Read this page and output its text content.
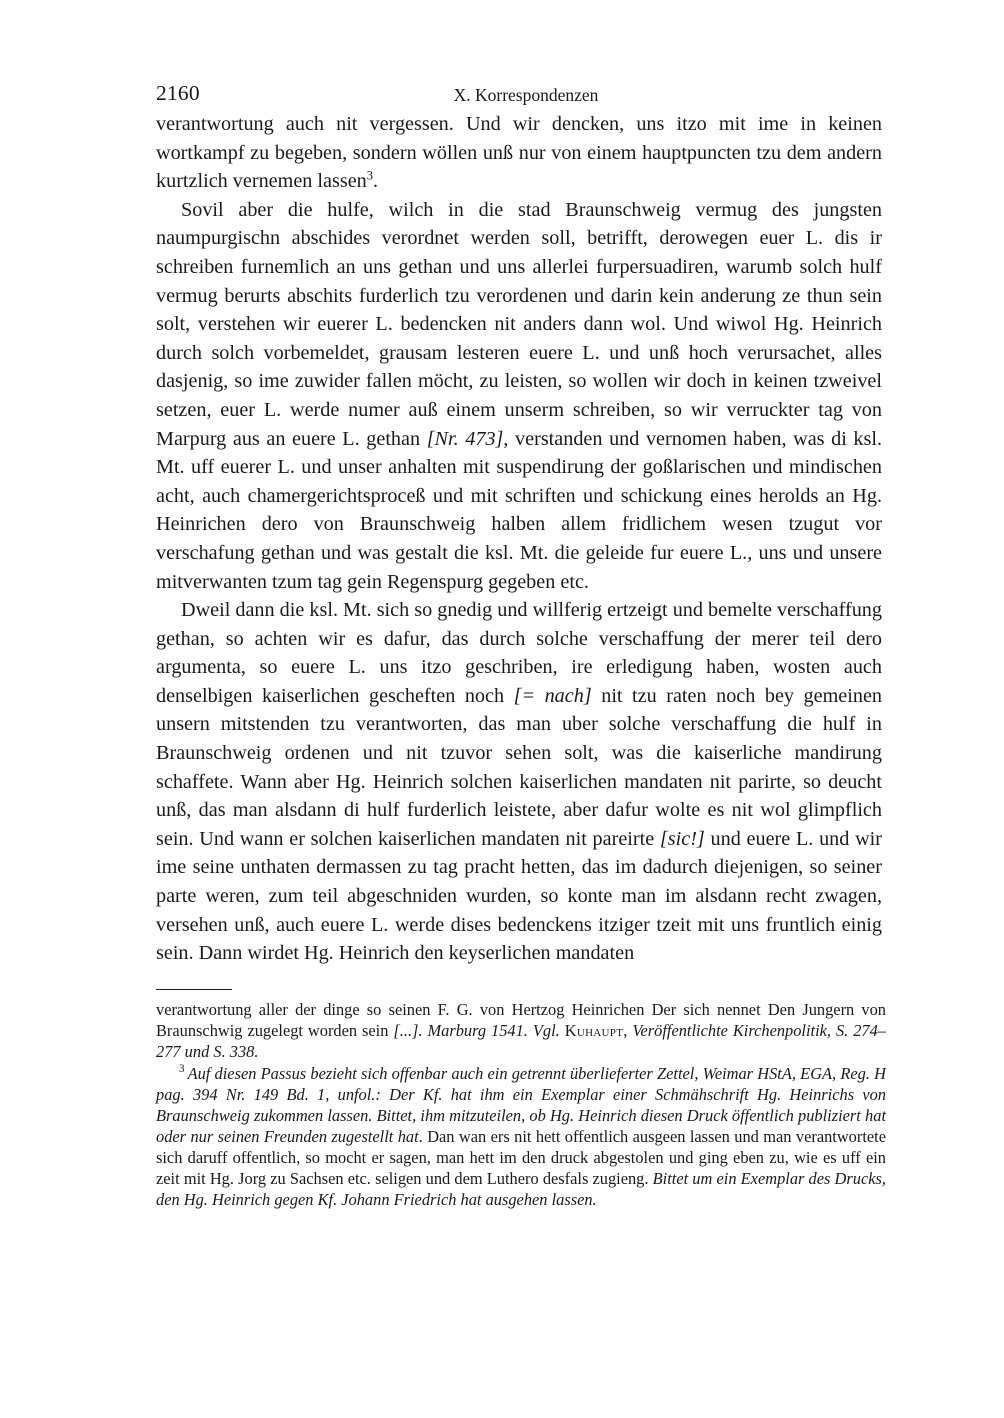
2160	X. Korrespondenzen

verantwortung auch nit vergessen. Und wir dencken, uns itzo mit ime in keinen wortkampf zu begeben, sondern wöllen unß nur von einem hauptpuncten tzu dem andern kurtzlich vernemen lassen$^3$.

Sovil aber die hulfe, wilch in die stad Braunschweig vermug des jungsten naumpurgischn abschides verordnet werden soll, betrifft, derowegen euer L. dis ir schreiben furnemlich an uns gethan und uns allerlei furpersuadiren, warumb solch hulf vermug berurts abschits furderlich tzu verordenen und darin kein anderung ze thun sein solt, verstehen wir euerer L. bedencken nit anders dann wol. Und wiwol Hg. Heinrich durch solch vorbemeldet, grausam lesteren euere L. und unß hoch verursachet, alles dasjenig, so ime zuwider fallen möcht, zu leisten, so wollen wir doch in keinen tzweivel setzen, euer L. werde numer auß einem unserm schreiben, so wir verruckter tag von Marpurg aus an euere L. gethan [Nr. 473], verstanden und vernomen haben, was di ksl. Mt. uff euerer L. und unser anhalten mit suspendirung der goßlarischen und mindischen acht, auch chamergerichtsproceß und mit schriften und schickung eines herolds an Hg. Heinrichen dero von Braunschweig halben allem fridlichem wesen tzugut vor verschafung gethan und was gestalt die ksl. Mt. die geleide fur euere L., uns und unsere mitverwanten tzum tag gein Regenspurg gegeben etc.

Dweil dann die ksl. Mt. sich so gnedig und willferig ertzeigt und bemelte verschaffung gethan, so achten wir es dafur, das durch solche verschaffung der merer teil dero argumenta, so euere L. uns itzo geschriben, ire erledigung haben, wosten auch denselbigen kaiserlichen gescheften noch [= nach] nit tzu raten noch bey gemeinen unsern mitstenden tzu verantworten, das man uber solche verschaffung die hulf in Braunschweig ordenen und nit tzuvor sehen solt, was die kaiserliche mandirung schaffete. Wann aber Hg. Heinrich solchen kaiserlichen mandaten nit parirte, so deucht unß, das man alsdann di hulf furderlich leistete, aber dafur wolte es nit wol glimpflich sein. Und wann er solchen kaiserlichen mandaten nit pareirte [sic!] und euere L. und wir ime seine unthaten dermassen zu tag pracht hetten, das im dadurch diejenigen, so seiner parte weren, zum teil abgeschniden wurden, so konte man im alsdann recht zwagen, versehen unß, auch euere L. werde dises bedenckens itziger tzeit mit uns fruntlich einig sein. Dann wirdet Hg. Heinrich den keyserlichen mandaten

verantwortung aller der dinge so seinen F. G. von Hertzog Heinrichen Der sich nennet Den Jungern von Braunschwig zugelegt worden sein [...]. Marburg 1541. Vgl. Kuhaupt, Veröffentlichte Kirchenpolitik, S. 274–277 und S. 338.

$^3$ Auf diesen Passus bezieht sich offenbar auch ein getrennt überlieferter Zettel, Weimar HStA, EGA, Reg. H pag. 394 Nr. 149 Bd. 1, unfol.: Der Kf. hat ihm ein Exemplar einer Schmähschrift Hg. Heinrichs von Braunschweig zukommen lassen. Bittet, ihm mitzuteilen, ob Hg. Heinrich diesen Druck öffentlich publiziert hat oder nur seinen Freunden zugestellt hat. Dan wan ers nit hett offentlich ausgeen lassen und man verantwortete sich daruff offentlich, so mocht er sagen, man hett im den druck abgestolen und ging eben zu, wie es uff ein zeit mit Hg. Jorg zu Sachsen etc. seligen und dem Luthero desfals zugieng. Bittet um ein Exemplar des Drucks, den Hg. Heinrich gegen Kf. Johann Friedrich hat ausgehen lassen.
